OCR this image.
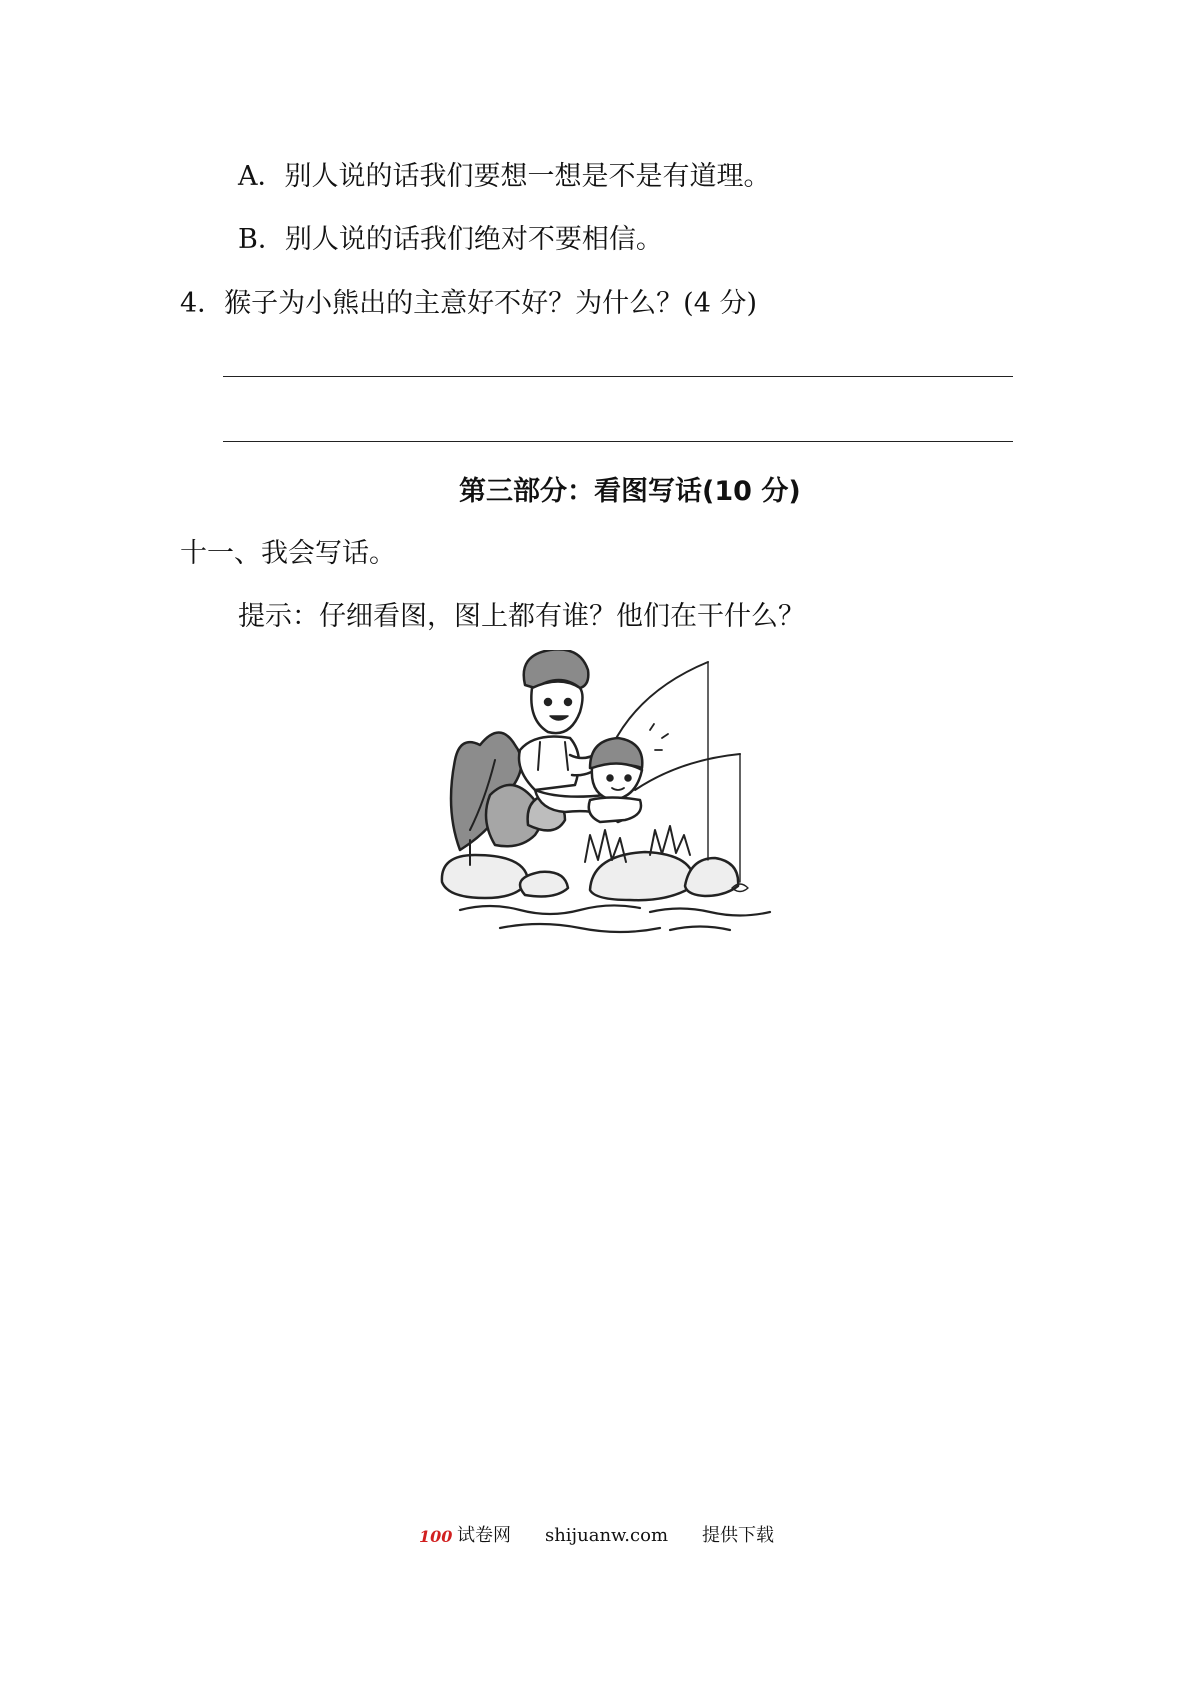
A．别人说的话我们要想一想是不是有道理。
B．别人说的话我们绝对不要相信。
4．猴子为小熊出的主意好不好？为什么？(4 分)
第三部分：看图写话(10 分)
十一、我会写话。
提示：仔细看图，图上都有谁？他们在干什么？
100 试卷网 shijuanw.com 提供下载
